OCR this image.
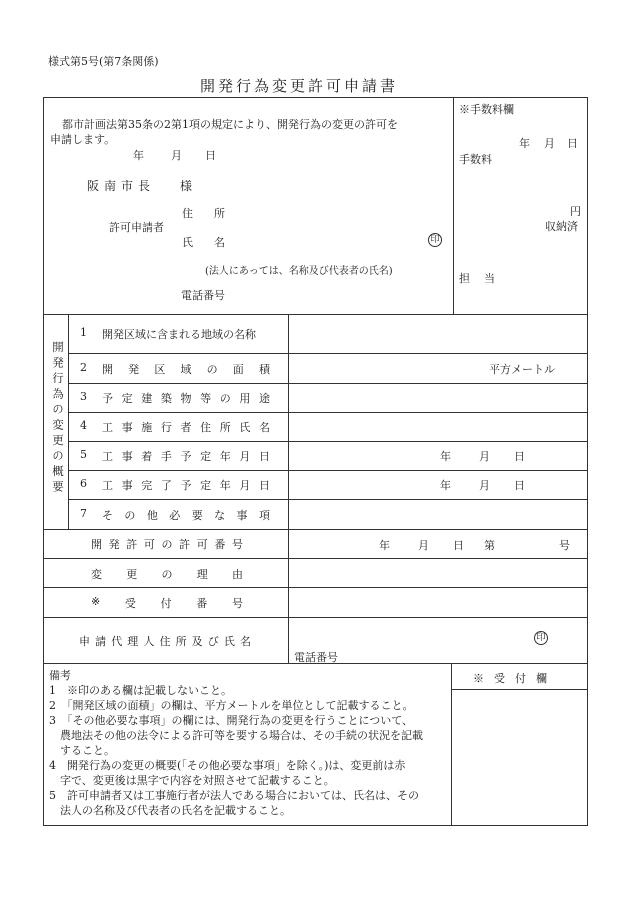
様式第5号(第7条関係)
開発行為変更許可申請書
都市計画法第35条の2第1項の規定により、開発行為の変更の許可を
申請します。
年 月 日
阪南市長 様
許可申請者
住所
氏名	印
(法人にあっては、名称及び代表者の氏名)
電話番号
※手数料欄
年 月 日
手数料
円
収納済
担当
開発行為の変更の概要
1 開発区域に含まれる地域の名称
2 開 発 区 域 の 面 積	平方メートル
3 予 定 建 築 物 等 の 用 途
4 工 事 施 行 者 住 所 氏 名
5 工 事 着 手 予 定 年 月 日	年	月 日
6 工 事 完 了 予 定 年 月 日	年	月 日
7 そ の 他 必 要 な 事 項
開 発 許 可 の 許 可 番 号	年	月 日 第	号
変 更 の 理 由
※ 受 付 番 号
申 請 代 理 人 住 所 及 び 氏 名	印
電話番号
備考	※受付欄
1　※印のある欄は記載しないこと。
2　「開発区域の面積」の欄は、平方メートルを単位として記載すること。
3　「その他必要な事項」の欄には、開発行為の変更を行うことについて、
　農地法その他の法令による許可等を要する場合は、その手続の状況を記載
　すること。
4　開発行為の変更の概要(「その他必要な事項」を除く。)は、変更前は赤
　字で、変更後は黒字で内容を対照させて記載すること。
5　許可申請者又は工事施行者が法人である場合においては、氏名は、その
　法人の名称及び代表者の氏名を記載すること。
